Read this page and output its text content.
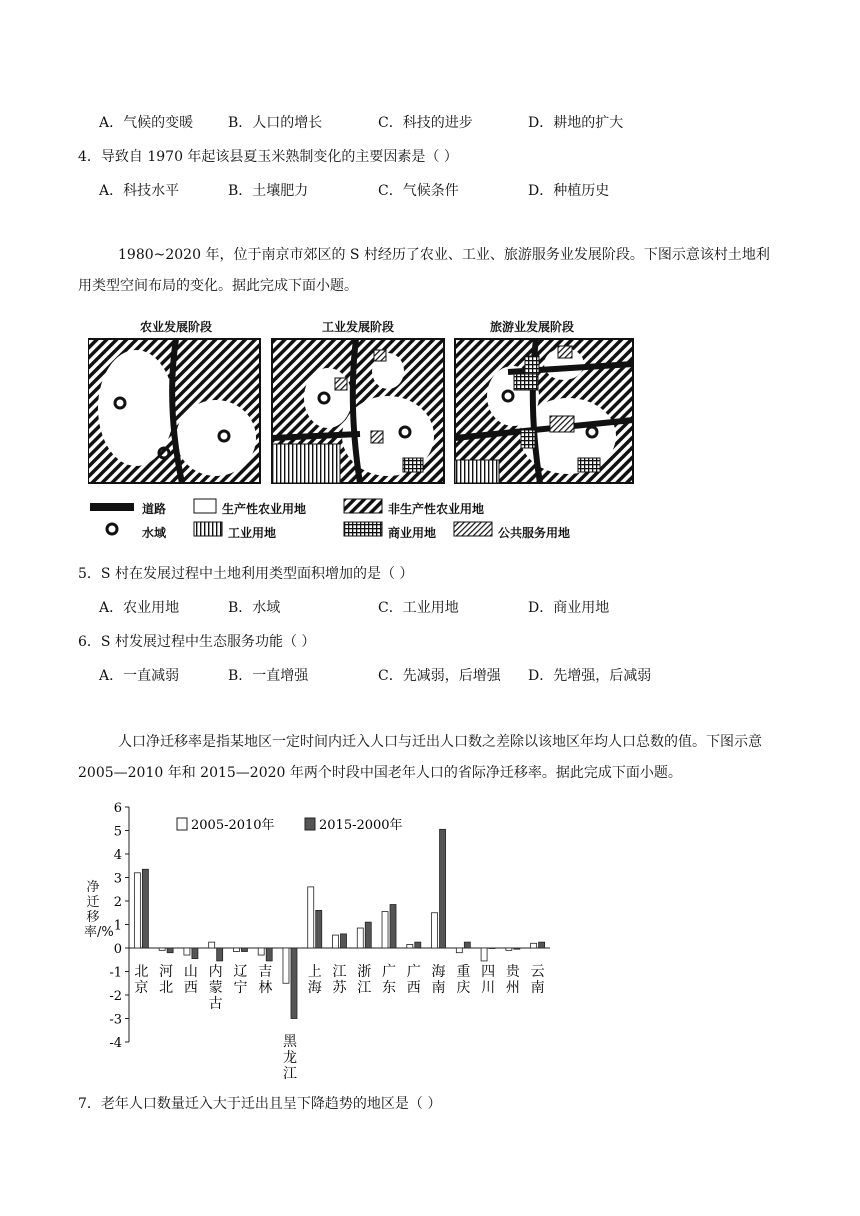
A．气候的变暖 B．人口的增长	C．科技的进步	D．耕地的扩大
4．导致自 1970 年起该县夏玉米熟制变化的主要因素是（ ）
A．科技水平	B．土壤肥力	C．气候条件	D．种植历史
1980~2020 年，位于南京市郊区的 S 村经历了农业、工业、旅游服务业发展阶段。下图示意该村土地利用类型空间布局的变化。据此完成下面小题。
农业发展阶段	工业发展阶段	旅游业发展阶段
道路	生产性农业用地	非生产性农业用地
水域	工业用地	商业用地	公共服务用地
5．S 村在发展过程中土地利用类型面积增加的是（ ）
A．农业用地	B．水域	C．工业用地	D．商业用地
6．S 村发展过程中生态服务功能（ ）
A．一直减弱	B．一直增强	C．先减弱，后增强 D．先增强，后减弱
人口净迁移率是指某地区一定时间内迁入人口与迁出人口数之差除以该地区年均人口总数的值。下图示意 2005—2010 年和 2015—2020 年两个时段中国老年人口的省际净迁移率。据此完成下面小题。
6
5
4
3
2
1
0
-1
-2
-3
-4
2005-2010年	2015-2000年
北
京
河
北
山
西
内
蒙
古
辽
宁
吉
林
黑
龙
江
上
海
江
苏
浙
江
广
东
广
西
海
南
重
庆
四
川
贵
州
云
南
净迁移率/%
7．老年人口数量迁入大于迁出且呈下降趋势的地区是（ ）
